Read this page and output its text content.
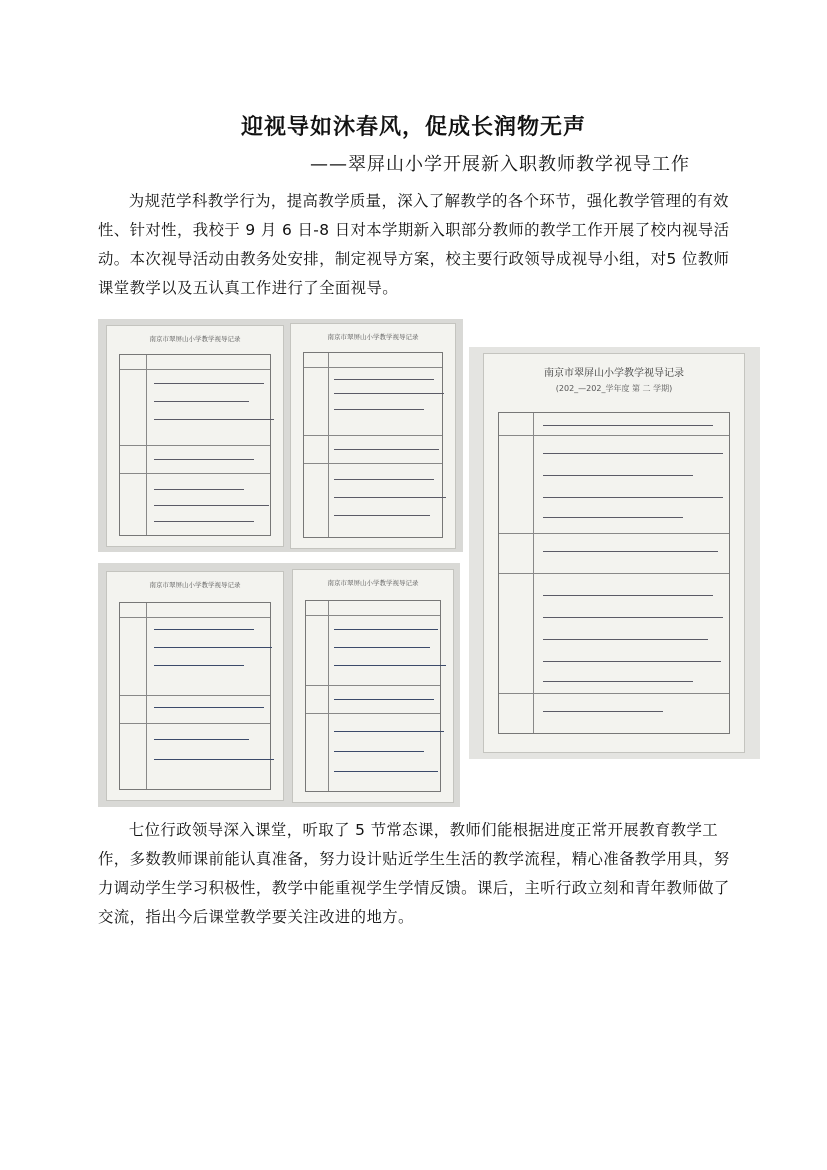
迎视导如沐春风，促成长润物无声
——翠屏山小学开展新入职教师教学视导工作

为规范学科教学行为，提高教学质量，深入了解教学的各个环节，强化教学管理的有效性、针对性，我校于 9 月 6 日-8 日对本学期新入职部分教师的教学工作开展了校内视导活动。本次视导活动由教务处安排，制定视导方案，校主要行政领导成视导小组，对5 位教师课堂教学以及五认真工作进行了全面视导。

南京市翠屏山小学教学视导记录	南京市翠屏山小学教学视导记录
南京市翠屏山小学教学视导记录	南京市翠屏山小学教学视导记录
南京市翠屏山小学教学视导记录
(202_—202_学年度 第 二 学期)

七位行政领导深入课堂，听取了 5 节常态课，教师们能根据进度正常开展教育教学工作，多数教师课前能认真准备，努力设计贴近学生生活的教学流程，精心准备教学用具，努力调动学生学习积极性，教学中能重视学生学情反馈。课后，主听行政立刻和青年教师做了交流，指出今后课堂教学要关注改进的地方。
